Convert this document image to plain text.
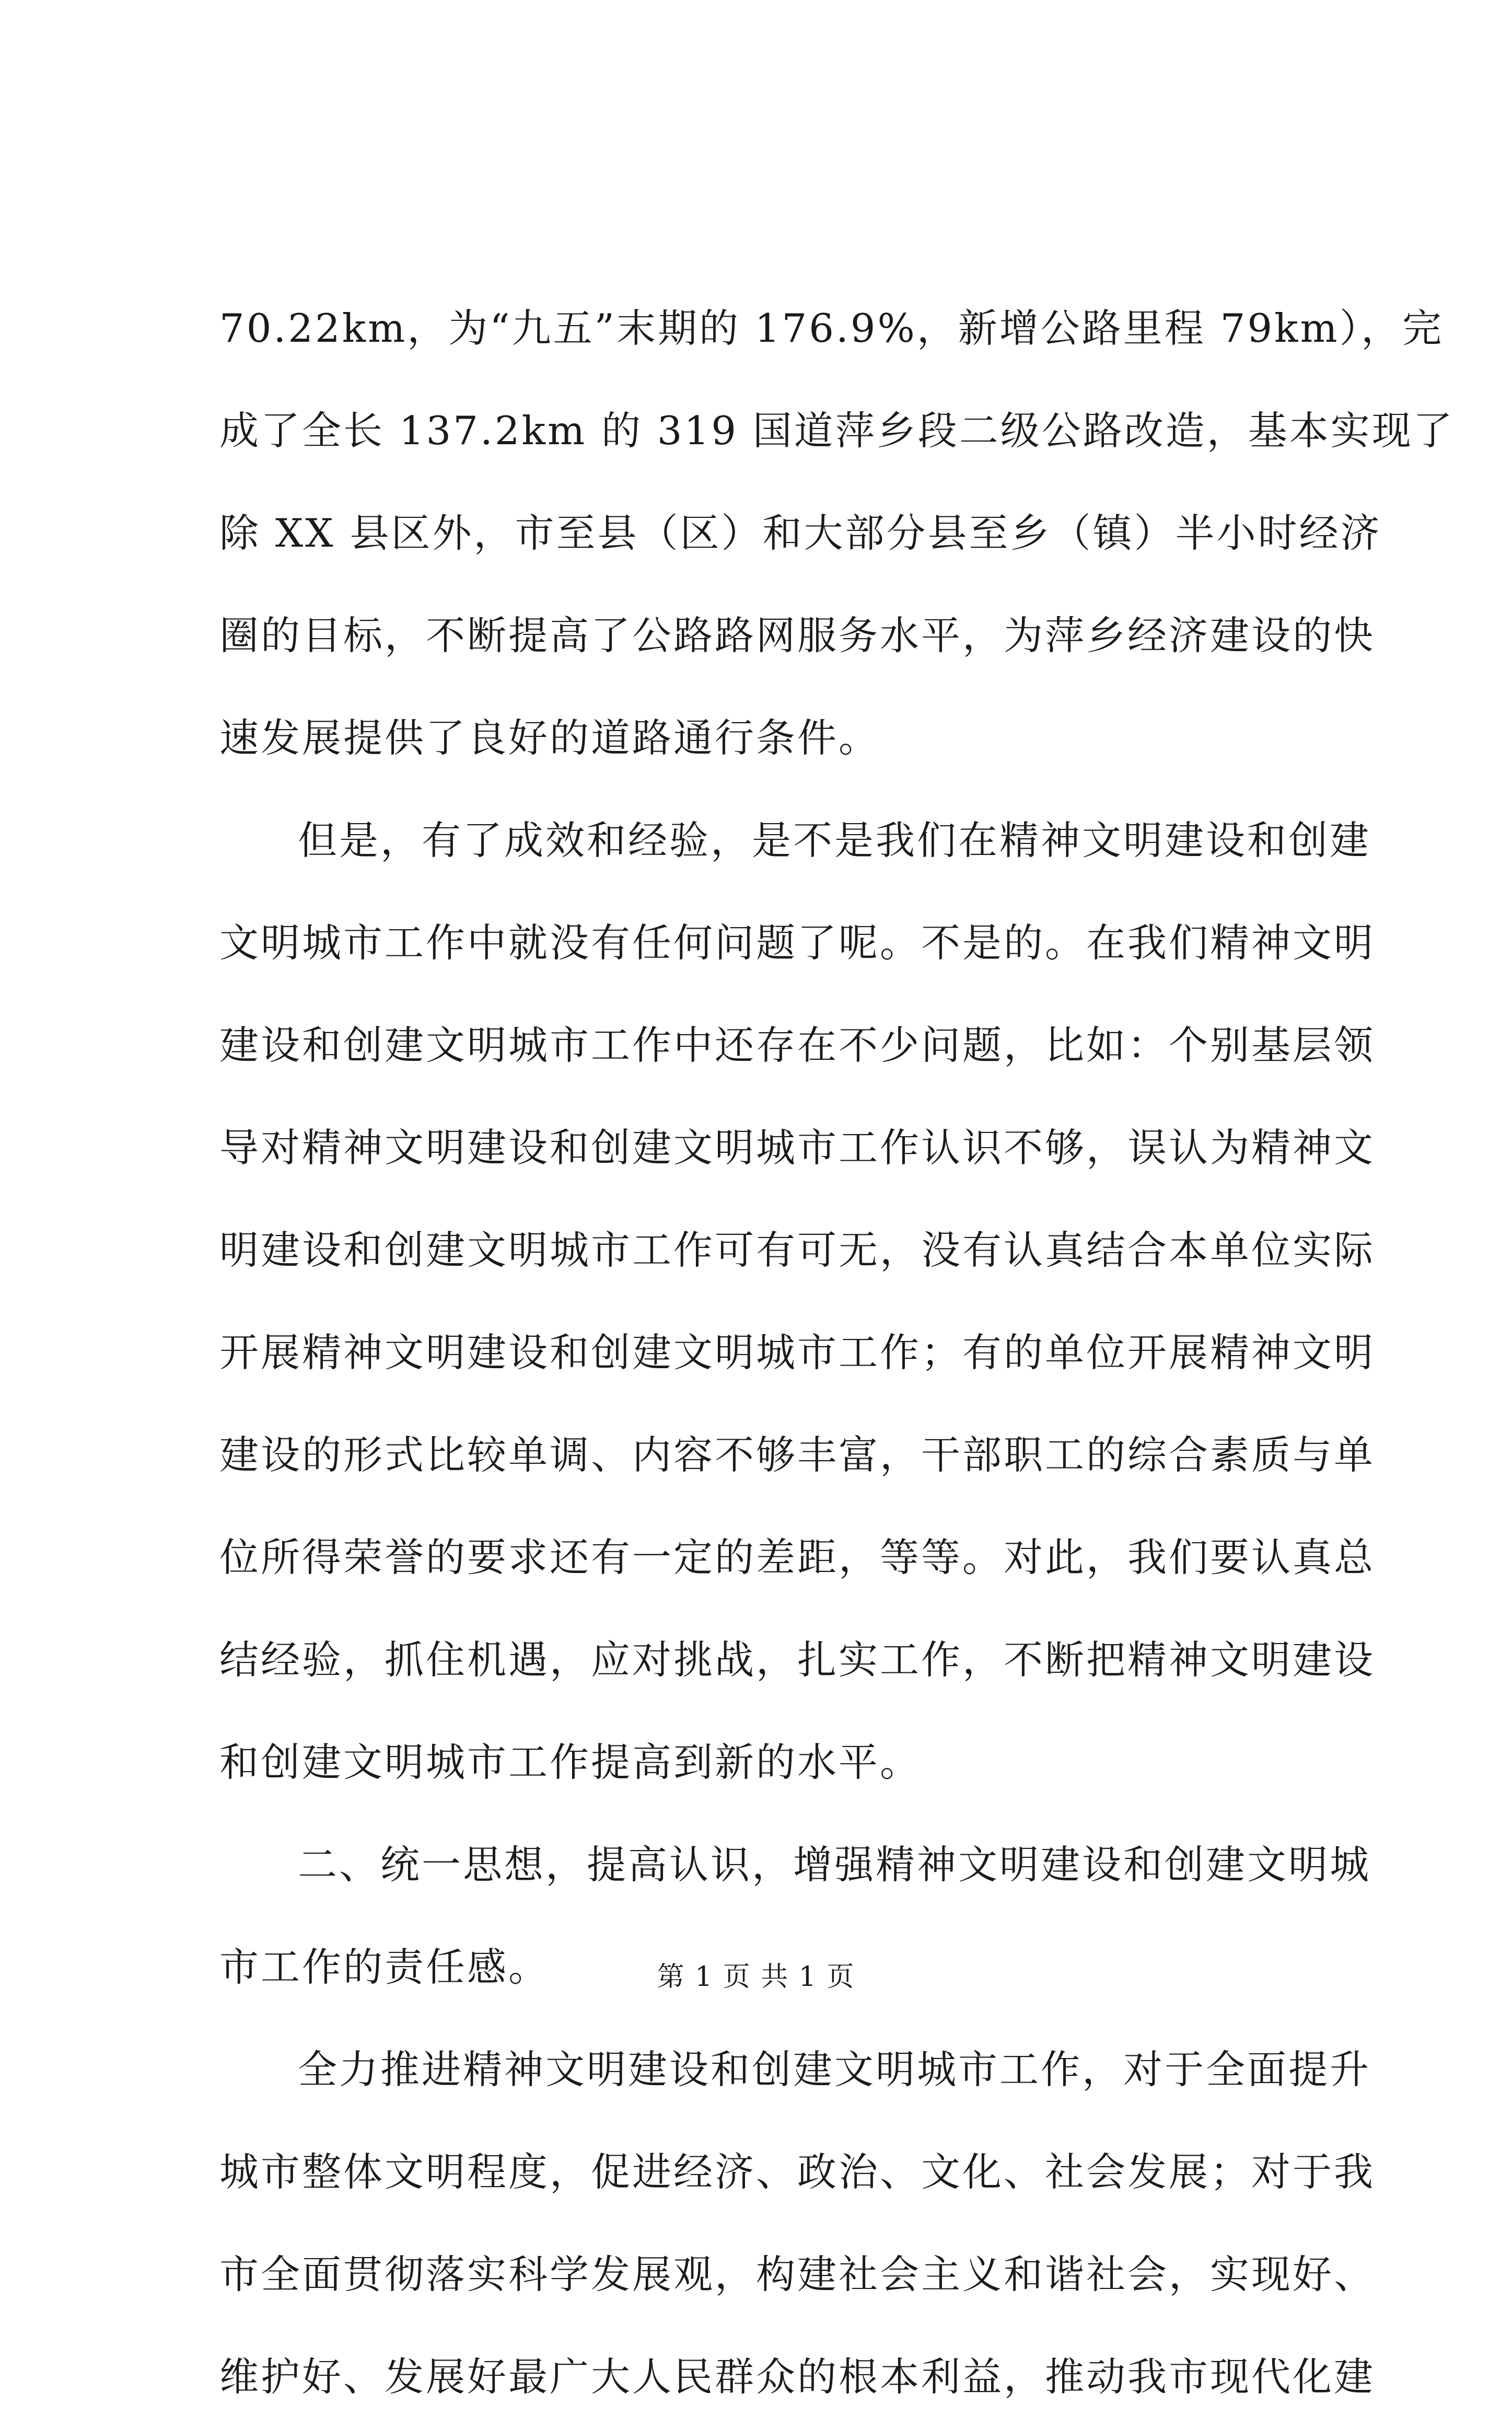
70.22km，为“九五”末期的 176.9%，新增公路里程 79km），完
成了全长 137.2km 的 319 国道萍乡段二级公路改造，基本实现了
除 XX 县区外，市至县（区）和大部分县至乡（镇）半小时经济
圈的目标，不断提高了公路路网服务水平，为萍乡经济建设的快
速发展提供了良好的道路通行条件。
但是，有了成效和经验，是不是我们在精神文明建设和创建
文明城市工作中就没有任何问题了呢。不是的。在我们精神文明
建设和创建文明城市工作中还存在不少问题，比如：个别基层领
导对精神文明建设和创建文明城市工作认识不够，误认为精神文
明建设和创建文明城市工作可有可无，没有认真结合本单位实际
开展精神文明建设和创建文明城市工作；有的单位开展精神文明
建设的形式比较单调、内容不够丰富，干部职工的综合素质与单
位所得荣誉的要求还有一定的差距，等等。对此，我们要认真总
结经验，抓住机遇，应对挑战，扎实工作，不断把精神文明建设
和创建文明城市工作提高到新的水平。
二、统一思想，提高认识，增强精神文明建设和创建文明城
市工作的责任感。
全力推进精神文明建设和创建文明城市工作，对于全面提升
城市整体文明程度，促进经济、政治、文化、社会发展；对于我
市全面贯彻落实科学发展观，构建社会主义和谐社会，实现好、
维护好、发展好最广大人民群众的根本利益，推动我市现代化建
第 1 页 共 1 页
